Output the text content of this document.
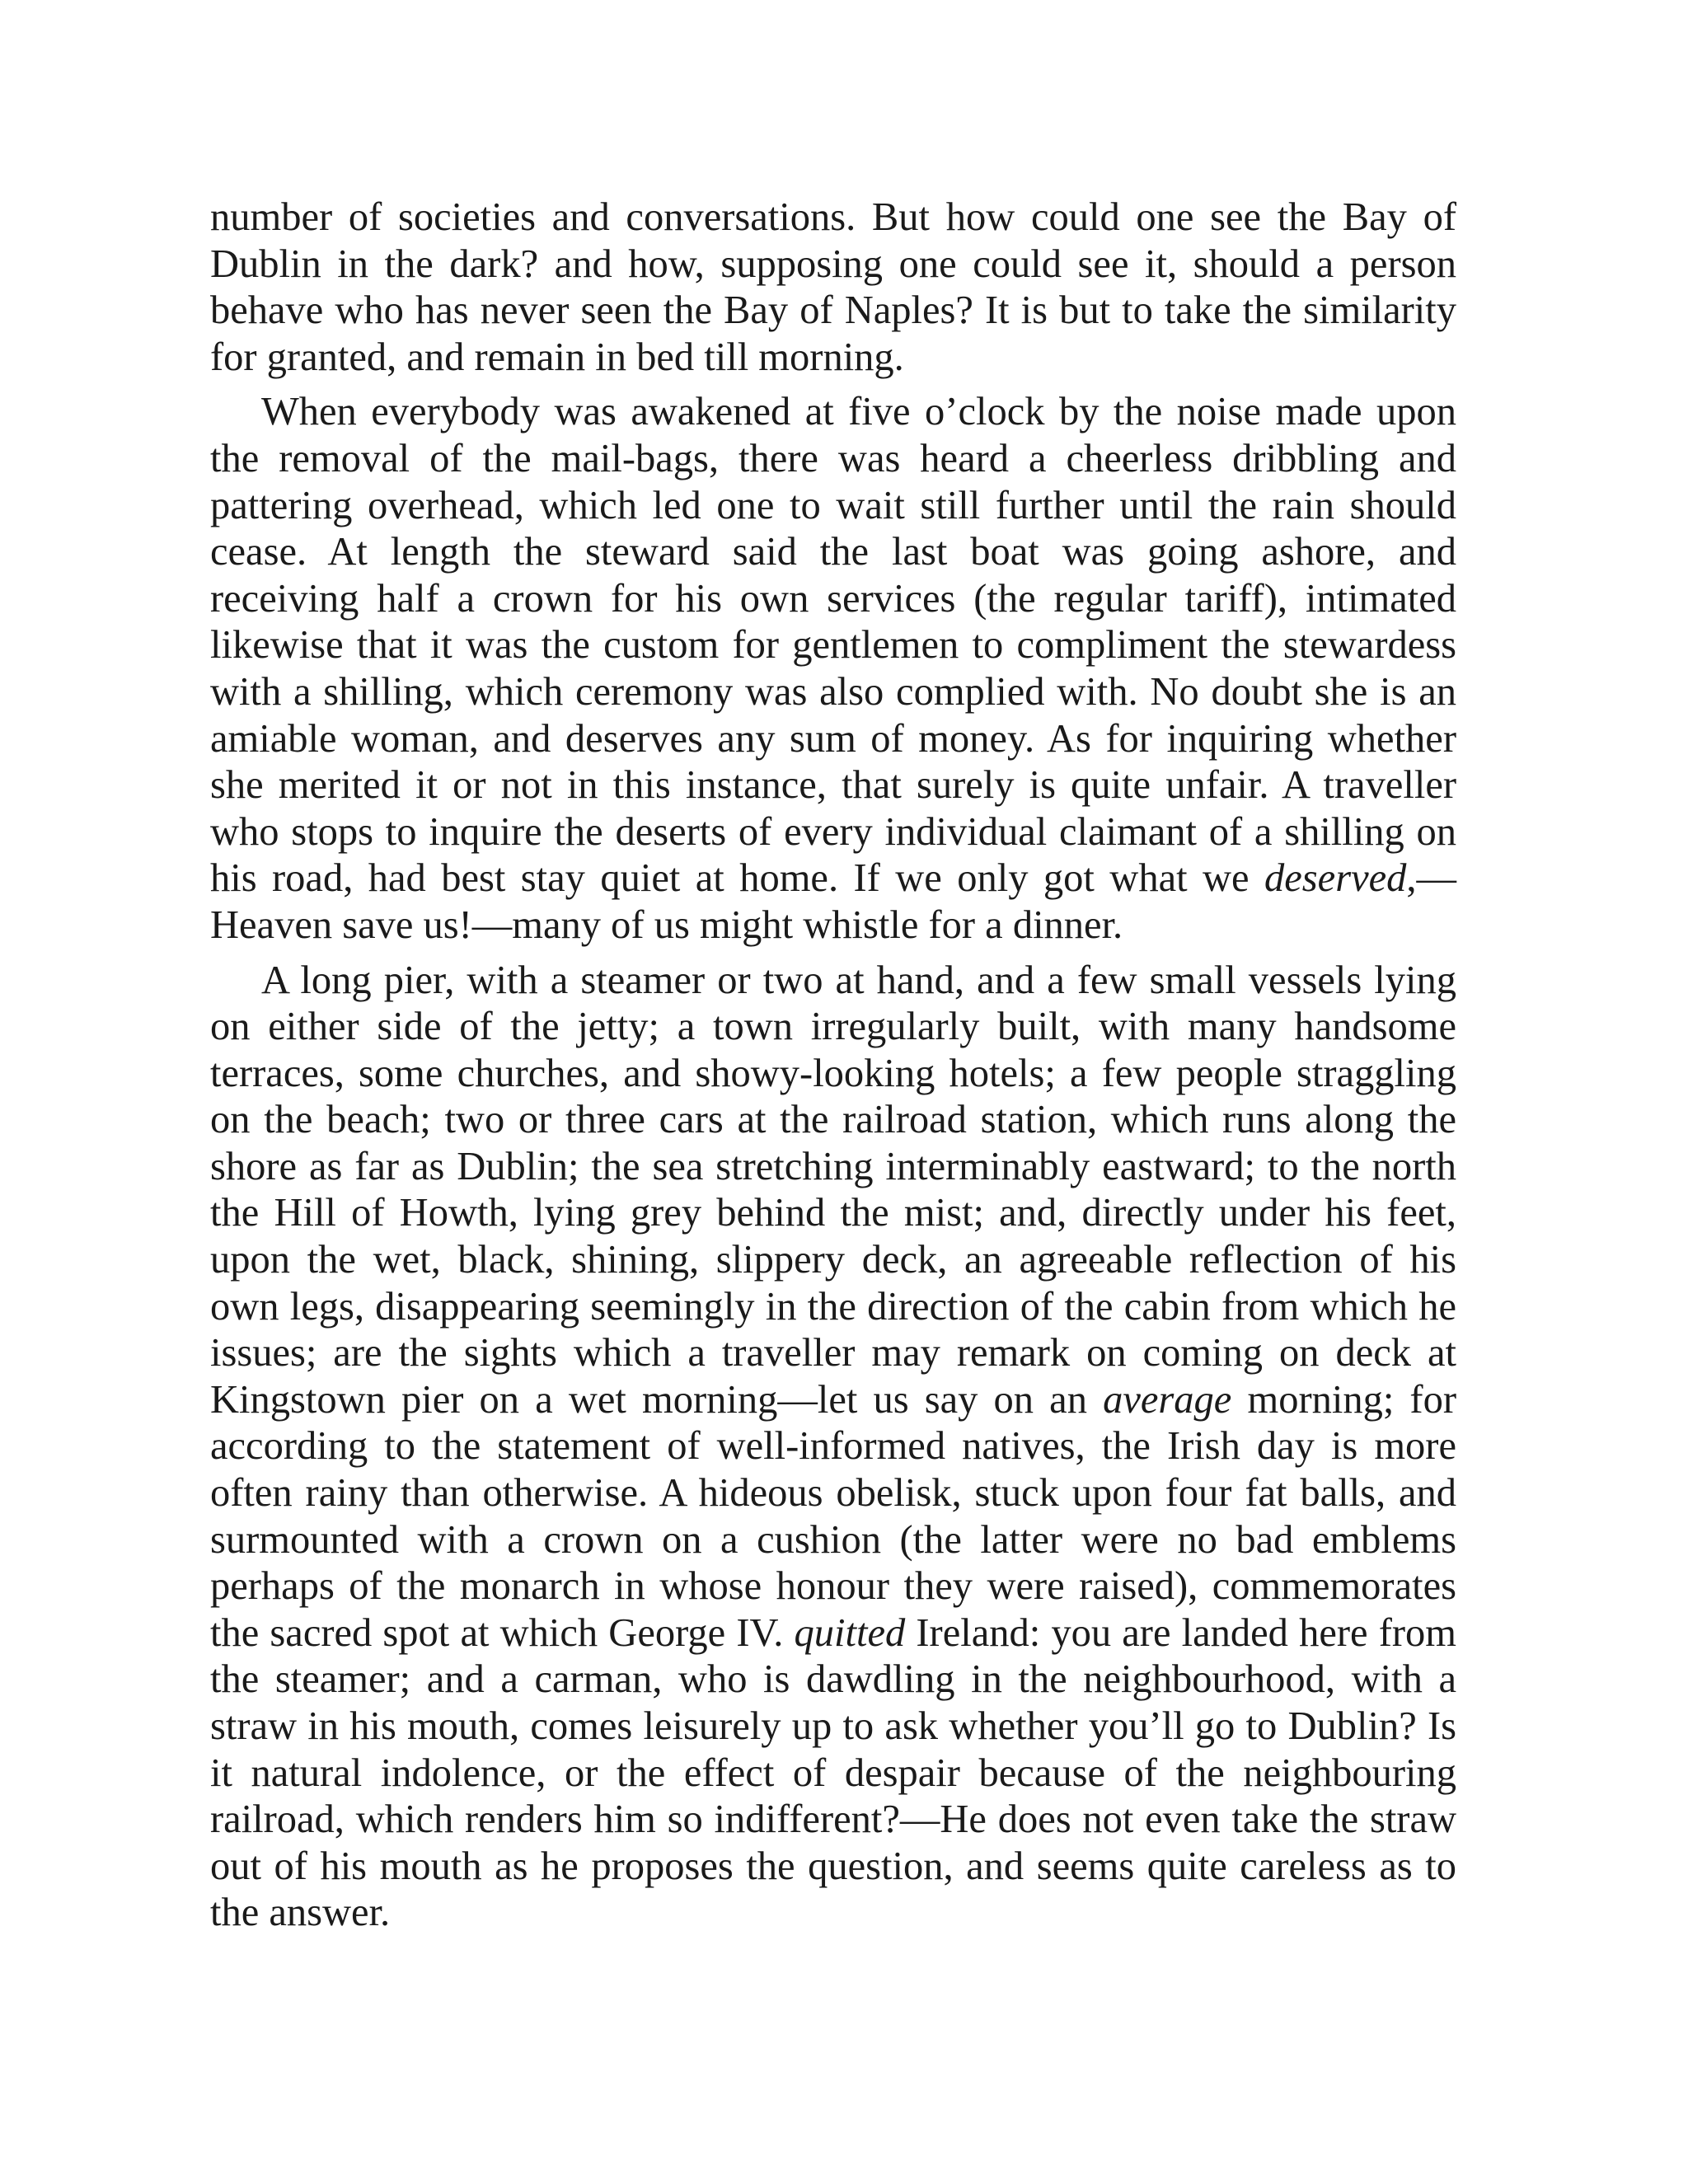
number of societies and conversations. But how could one see the Bay of Dublin in the dark? and how, supposing one could see it, should a person behave who has never seen the Bay of Naples? It is but to take the similarity for granted, and remain in bed till morning.

When everybody was awakened at five o’clock by the noise made upon the removal of the mail-bags, there was heard a cheerless dribbling and pattering overhead, which led one to wait still further until the rain should cease. At length the steward said the last boat was going ashore, and receiving half a crown for his own services (the regular tariff), intimated likewise that it was the custom for gentlemen to compliment the stewardess with a shilling, which ceremony was also complied with. No doubt she is an amiable woman, and deserves any sum of money. As for inquiring whether she merited it or not in this instance, that surely is quite unfair. A traveller who stops to inquire the deserts of every individual claimant of a shilling on his road, had best stay quiet at home. If we only got what we deserved,—Heaven save us!—many of us might whistle for a dinner.

A long pier, with a steamer or two at hand, and a few small vessels lying on either side of the jetty; a town irregularly built, with many handsome terraces, some churches, and showy-looking hotels; a few people straggling on the beach; two or three cars at the railroad station, which runs along the shore as far as Dublin; the sea stretching interminably eastward; to the north the Hill of Howth, lying grey behind the mist; and, directly under his feet, upon the wet, black, shining, slippery deck, an agreeable reflection of his own legs, disappearing seemingly in the direction of the cabin from which he issues; are the sights which a traveller may remark on coming on deck at Kingstown pier on a wet morning—let us say on an average morning; for according to the statement of well-informed natives, the Irish day is more often rainy than otherwise. A hideous obelisk, stuck upon four fat balls, and surmounted with a crown on a cushion (the latter were no bad emblems perhaps of the monarch in whose honour they were raised), commemorates the sacred spot at which George IV. quitted Ireland: you are landed here from the steamer; and a carman, who is dawdling in the neighbourhood, with a straw in his mouth, comes leisurely up to ask whether you’ll go to Dublin? Is it natural indolence, or the effect of despair because of the neighbouring railroad, which renders him so indifferent?—He does not even take the straw out of his mouth as he proposes the question, and seems quite careless as to the answer.
